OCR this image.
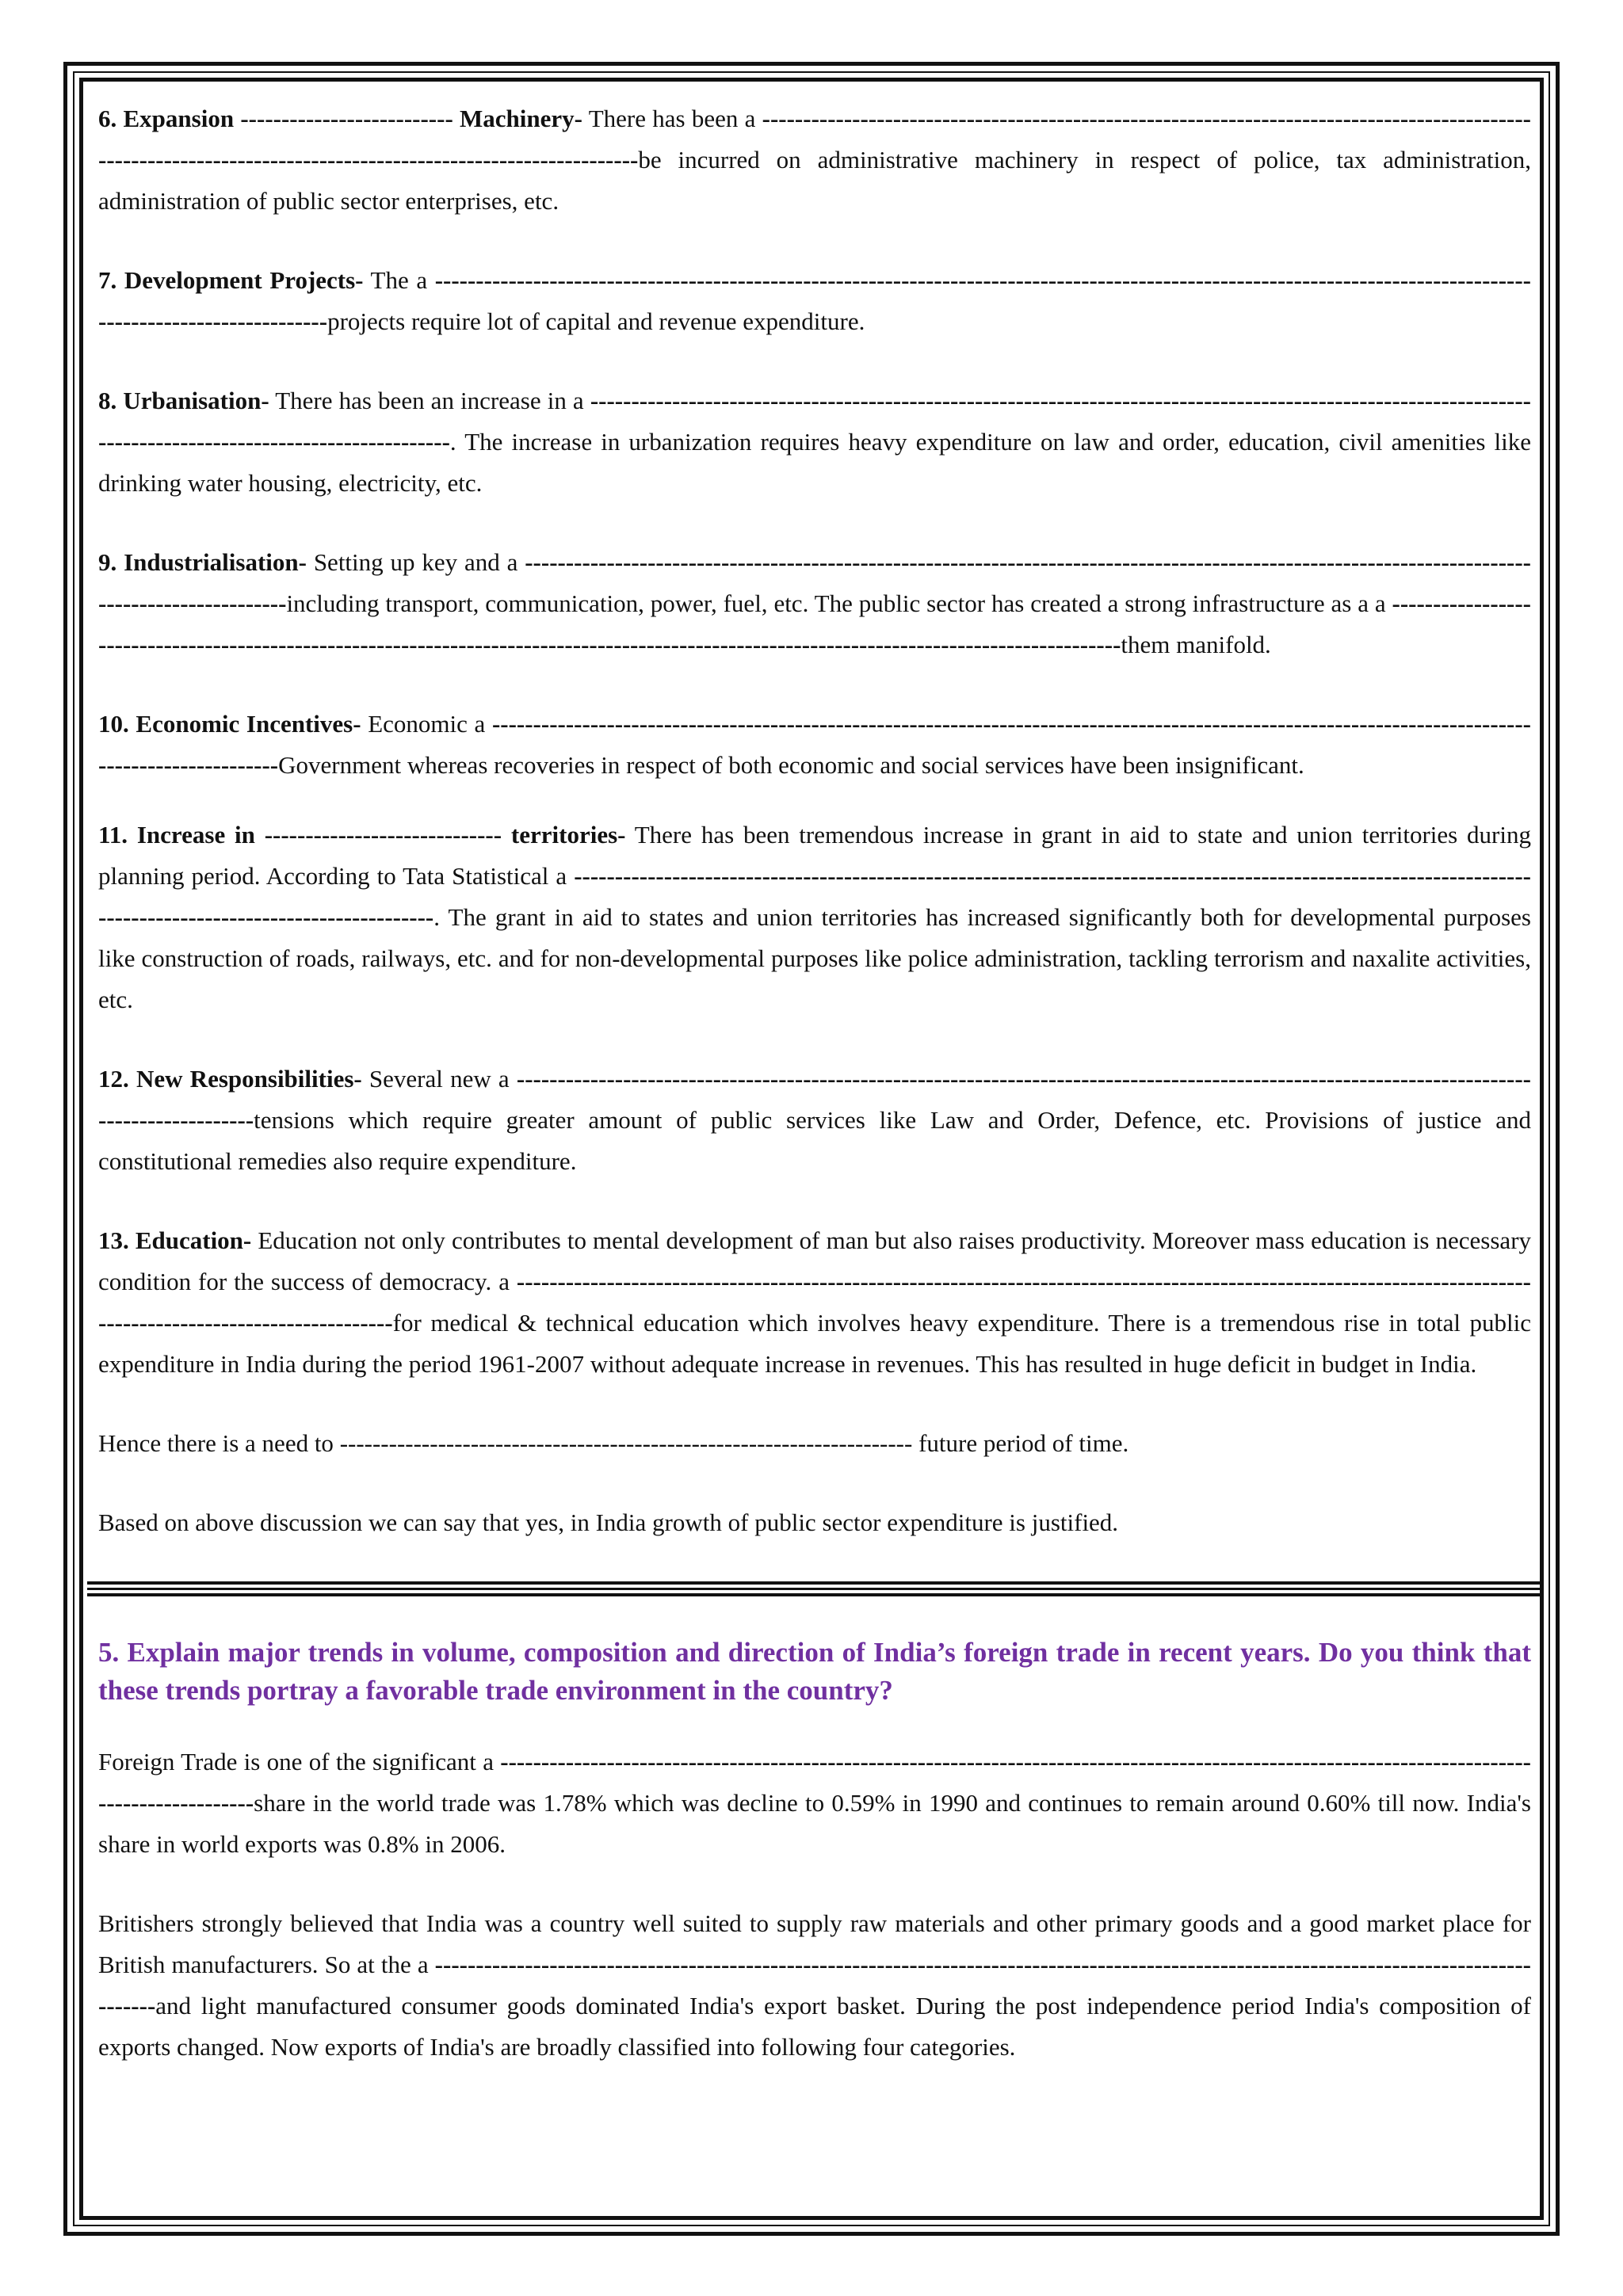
6. Expansion -------------------------- Machinery- There has been a ----------------------------------------------------------------------------------------------------------------------------------------------------------------be incurred on administrative machinery in respect of police, tax administration, administration of public sector enterprises, etc.

7. Development Projects- The a ------------------------------------------------------------------------------------------------------------------------------------------------------------------projects require lot of capital and revenue expenditure.

8. Urbanisation- There has been an increase in a --------------------------------------------------------------------------------------------------------------------------------------------------------------. The increase in urbanization requires heavy expenditure on law and order, education, civil amenities like drinking water housing, electricity, etc.

9. Industrialisation- Setting up key and a --------------------------------------------------------------------------------------------------------------------------------------------------including transport, communication, power, fuel, etc. The public sector has created a strong infrastructure as a a ----------------------------------------------------------------------------------------------------------------------------------------------them manifold.

10. Economic Incentives- Economic a -----------------------------------------------------------------------------------------------------------------------------------------------------Government whereas recoveries in respect of both economic and social services have been insignificant.

11. Increase in ----------------------------- territories- There has been tremendous increase in grant in aid to state and union territories during planning period. According to Tata Statistical a --------------------------------------------------------------------------------------------------------------------------------------------------------------. The grant in aid to states and union territories has increased significantly both for developmental purposes like construction of roads, railways, etc. and for non-developmental purposes like police administration, tackling terrorism and naxalite activities, etc.

12. New Responsibilities- Several new a -----------------------------------------------------------------------------------------------------------------------------------------------tensions which require greater amount of public services like Law and Order, Defence, etc. Provisions of justice and constitutional remedies also require expenditure.

13. Education- Education not only contributes to mental development of man but also raises productivity. Moreover mass education is necessary condition for the success of democracy. a ----------------------------------------------------------------------------------------------------------------------------------------------------------------for medical & technical education which involves heavy expenditure. There is a tremendous rise in total public expenditure in India during the period 1961-2007 without adequate increase in revenues. This has resulted in huge deficit in budget in India.

Hence there is a need to ---------------------------------------------------------------------- future period of time.

Based on above discussion we can say that yes, in India growth of public sector expenditure is justified.

5. Explain major trends in volume, composition and direction of India’s foreign trade in recent years. Do you think that these trends portray a favorable trade environment in the country?

Foreign Trade is one of the significant a -------------------------------------------------------------------------------------------------------------------------------------------------share in the world trade was 1.78% which was decline to 0.59% in 1990 and continues to remain around 0.60% till now. India's share in world exports was 0.8% in 2006.

Britishers strongly believed that India was a country well suited to supply raw materials and other primary goods and a good market place for British manufacturers. So at the a ---------------------------------------------------------------------------------------------------------------------------------------------and light manufactured consumer goods dominated India's export basket. During the post independence period India's composition of exports changed. Now exports of India's are broadly classified into following four categories.
